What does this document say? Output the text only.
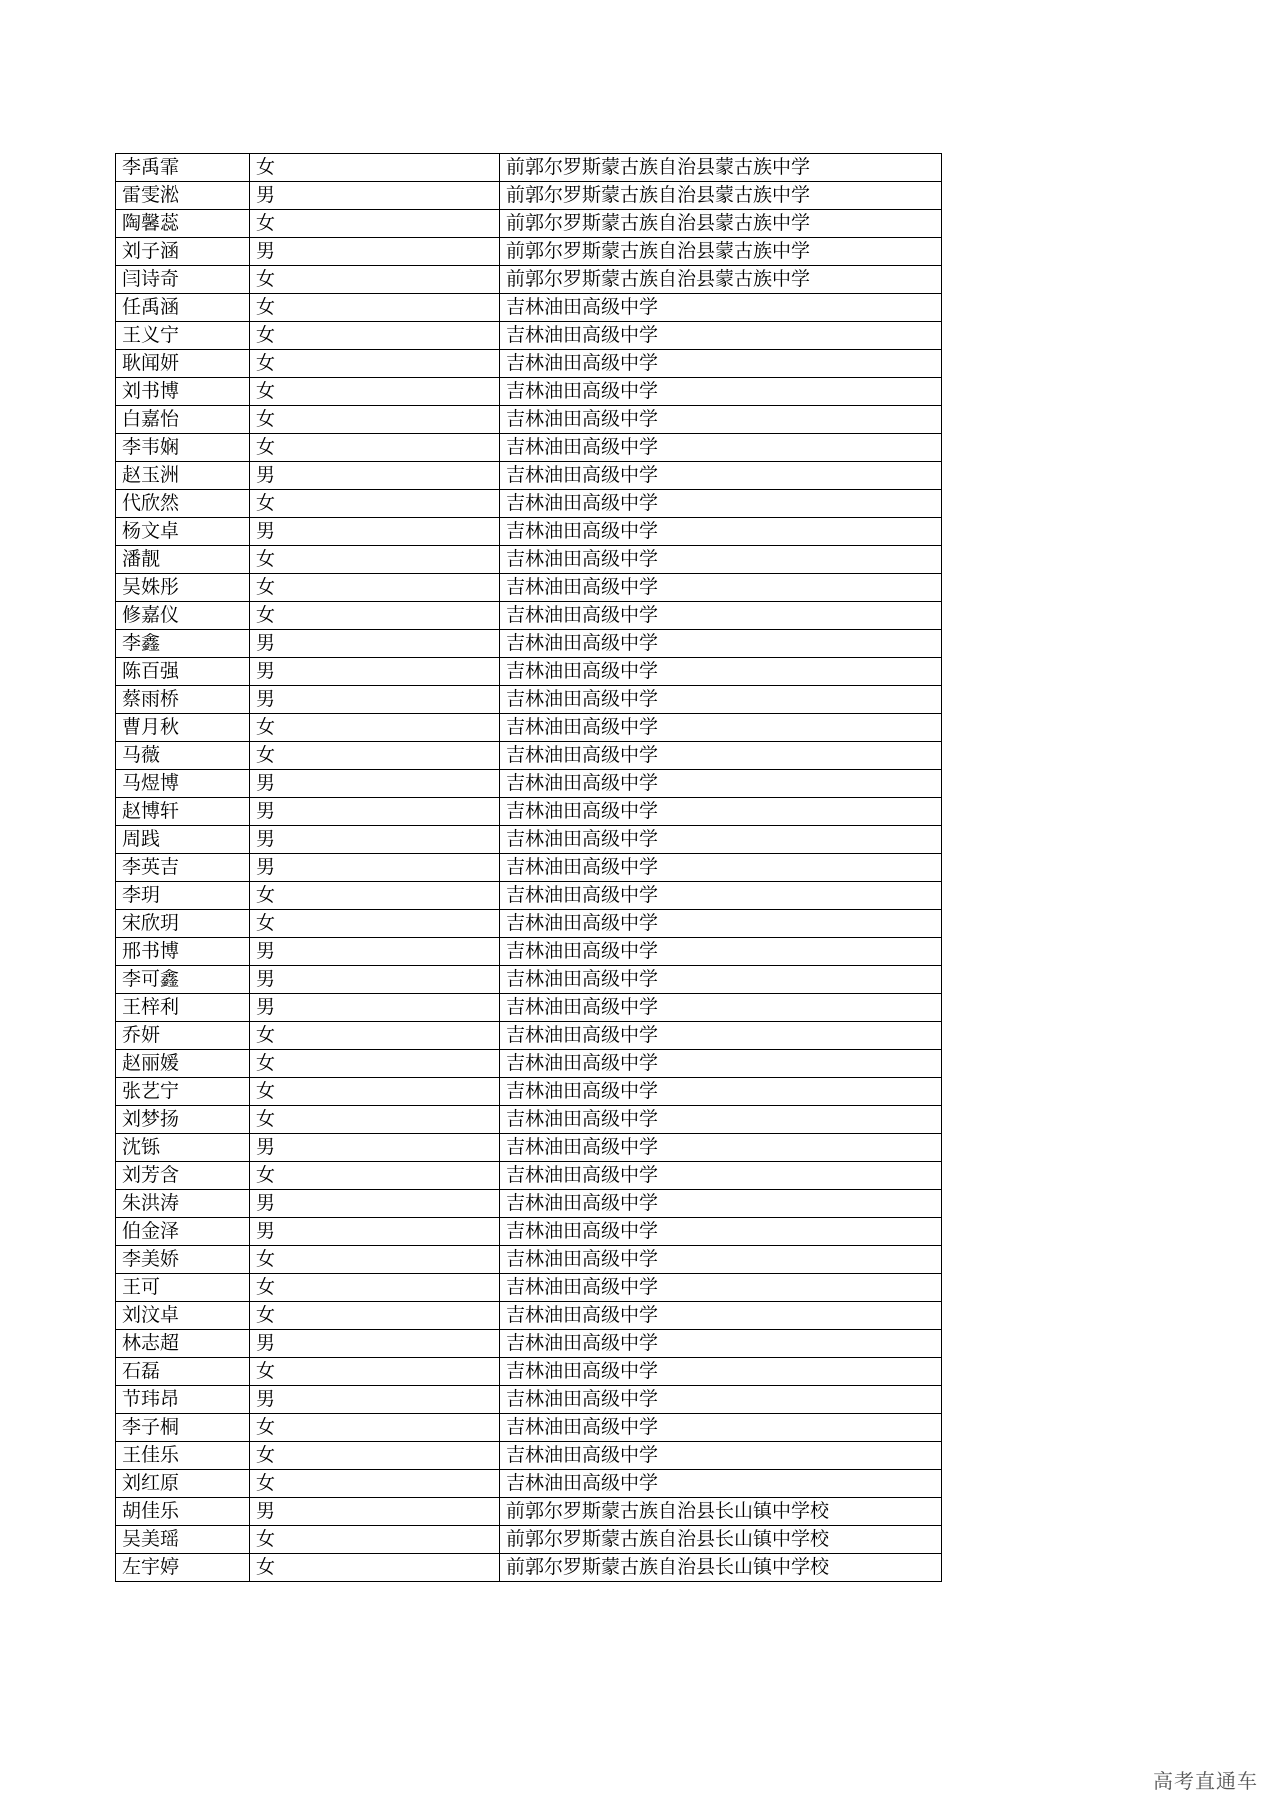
李禹霏	女	前郭尔罗斯蒙古族自治县蒙古族中学
雷雯淞	男	前郭尔罗斯蒙古族自治县蒙古族中学
陶馨蕊	女	前郭尔罗斯蒙古族自治县蒙古族中学
刘子涵	男	前郭尔罗斯蒙古族自治县蒙古族中学
闫诗奇	女	前郭尔罗斯蒙古族自治县蒙古族中学
任禹涵	女	吉林油田高级中学
王义宁	女	吉林油田高级中学
耿闻妍	女	吉林油田高级中学
刘书博	女	吉林油田高级中学
白嘉怡	女	吉林油田高级中学
李韦娴	女	吉林油田高级中学
赵玉洲	男	吉林油田高级中学
代欣然	女	吉林油田高级中学
杨文卓	男	吉林油田高级中学
潘靓	女	吉林油田高级中学
吴姝彤	女	吉林油田高级中学
修嘉仪	女	吉林油田高级中学
李鑫	男	吉林油田高级中学
陈百强	男	吉林油田高级中学
蔡雨桥	男	吉林油田高级中学
曹月秋	女	吉林油田高级中学
马薇	女	吉林油田高级中学
马煜博	男	吉林油田高级中学
赵博轩	男	吉林油田高级中学
周践	男	吉林油田高级中学
李英吉	男	吉林油田高级中学
李玥	女	吉林油田高级中学
宋欣玥	女	吉林油田高级中学
邢书博	男	吉林油田高级中学
李可鑫	男	吉林油田高级中学
王梓利	男	吉林油田高级中学
乔妍	女	吉林油田高级中学
赵丽媛	女	吉林油田高级中学
张艺宁	女	吉林油田高级中学
刘梦扬	女	吉林油田高级中学
沈铄	男	吉林油田高级中学
刘芳含	女	吉林油田高级中学
朱洪涛	男	吉林油田高级中学
伯金泽	男	吉林油田高级中学
李美娇	女	吉林油田高级中学
王可	女	吉林油田高级中学
刘汶卓	女	吉林油田高级中学
林志超	男	吉林油田高级中学
石磊	女	吉林油田高级中学
节玮昂	男	吉林油田高级中学
李子桐	女	吉林油田高级中学
王佳乐	女	吉林油田高级中学
刘红原	女	吉林油田高级中学
胡佳乐	男	前郭尔罗斯蒙古族自治县长山镇中学校
吴美瑶	女	前郭尔罗斯蒙古族自治县长山镇中学校
左宇婷	女	前郭尔罗斯蒙古族自治县长山镇中学校
高考直通车
